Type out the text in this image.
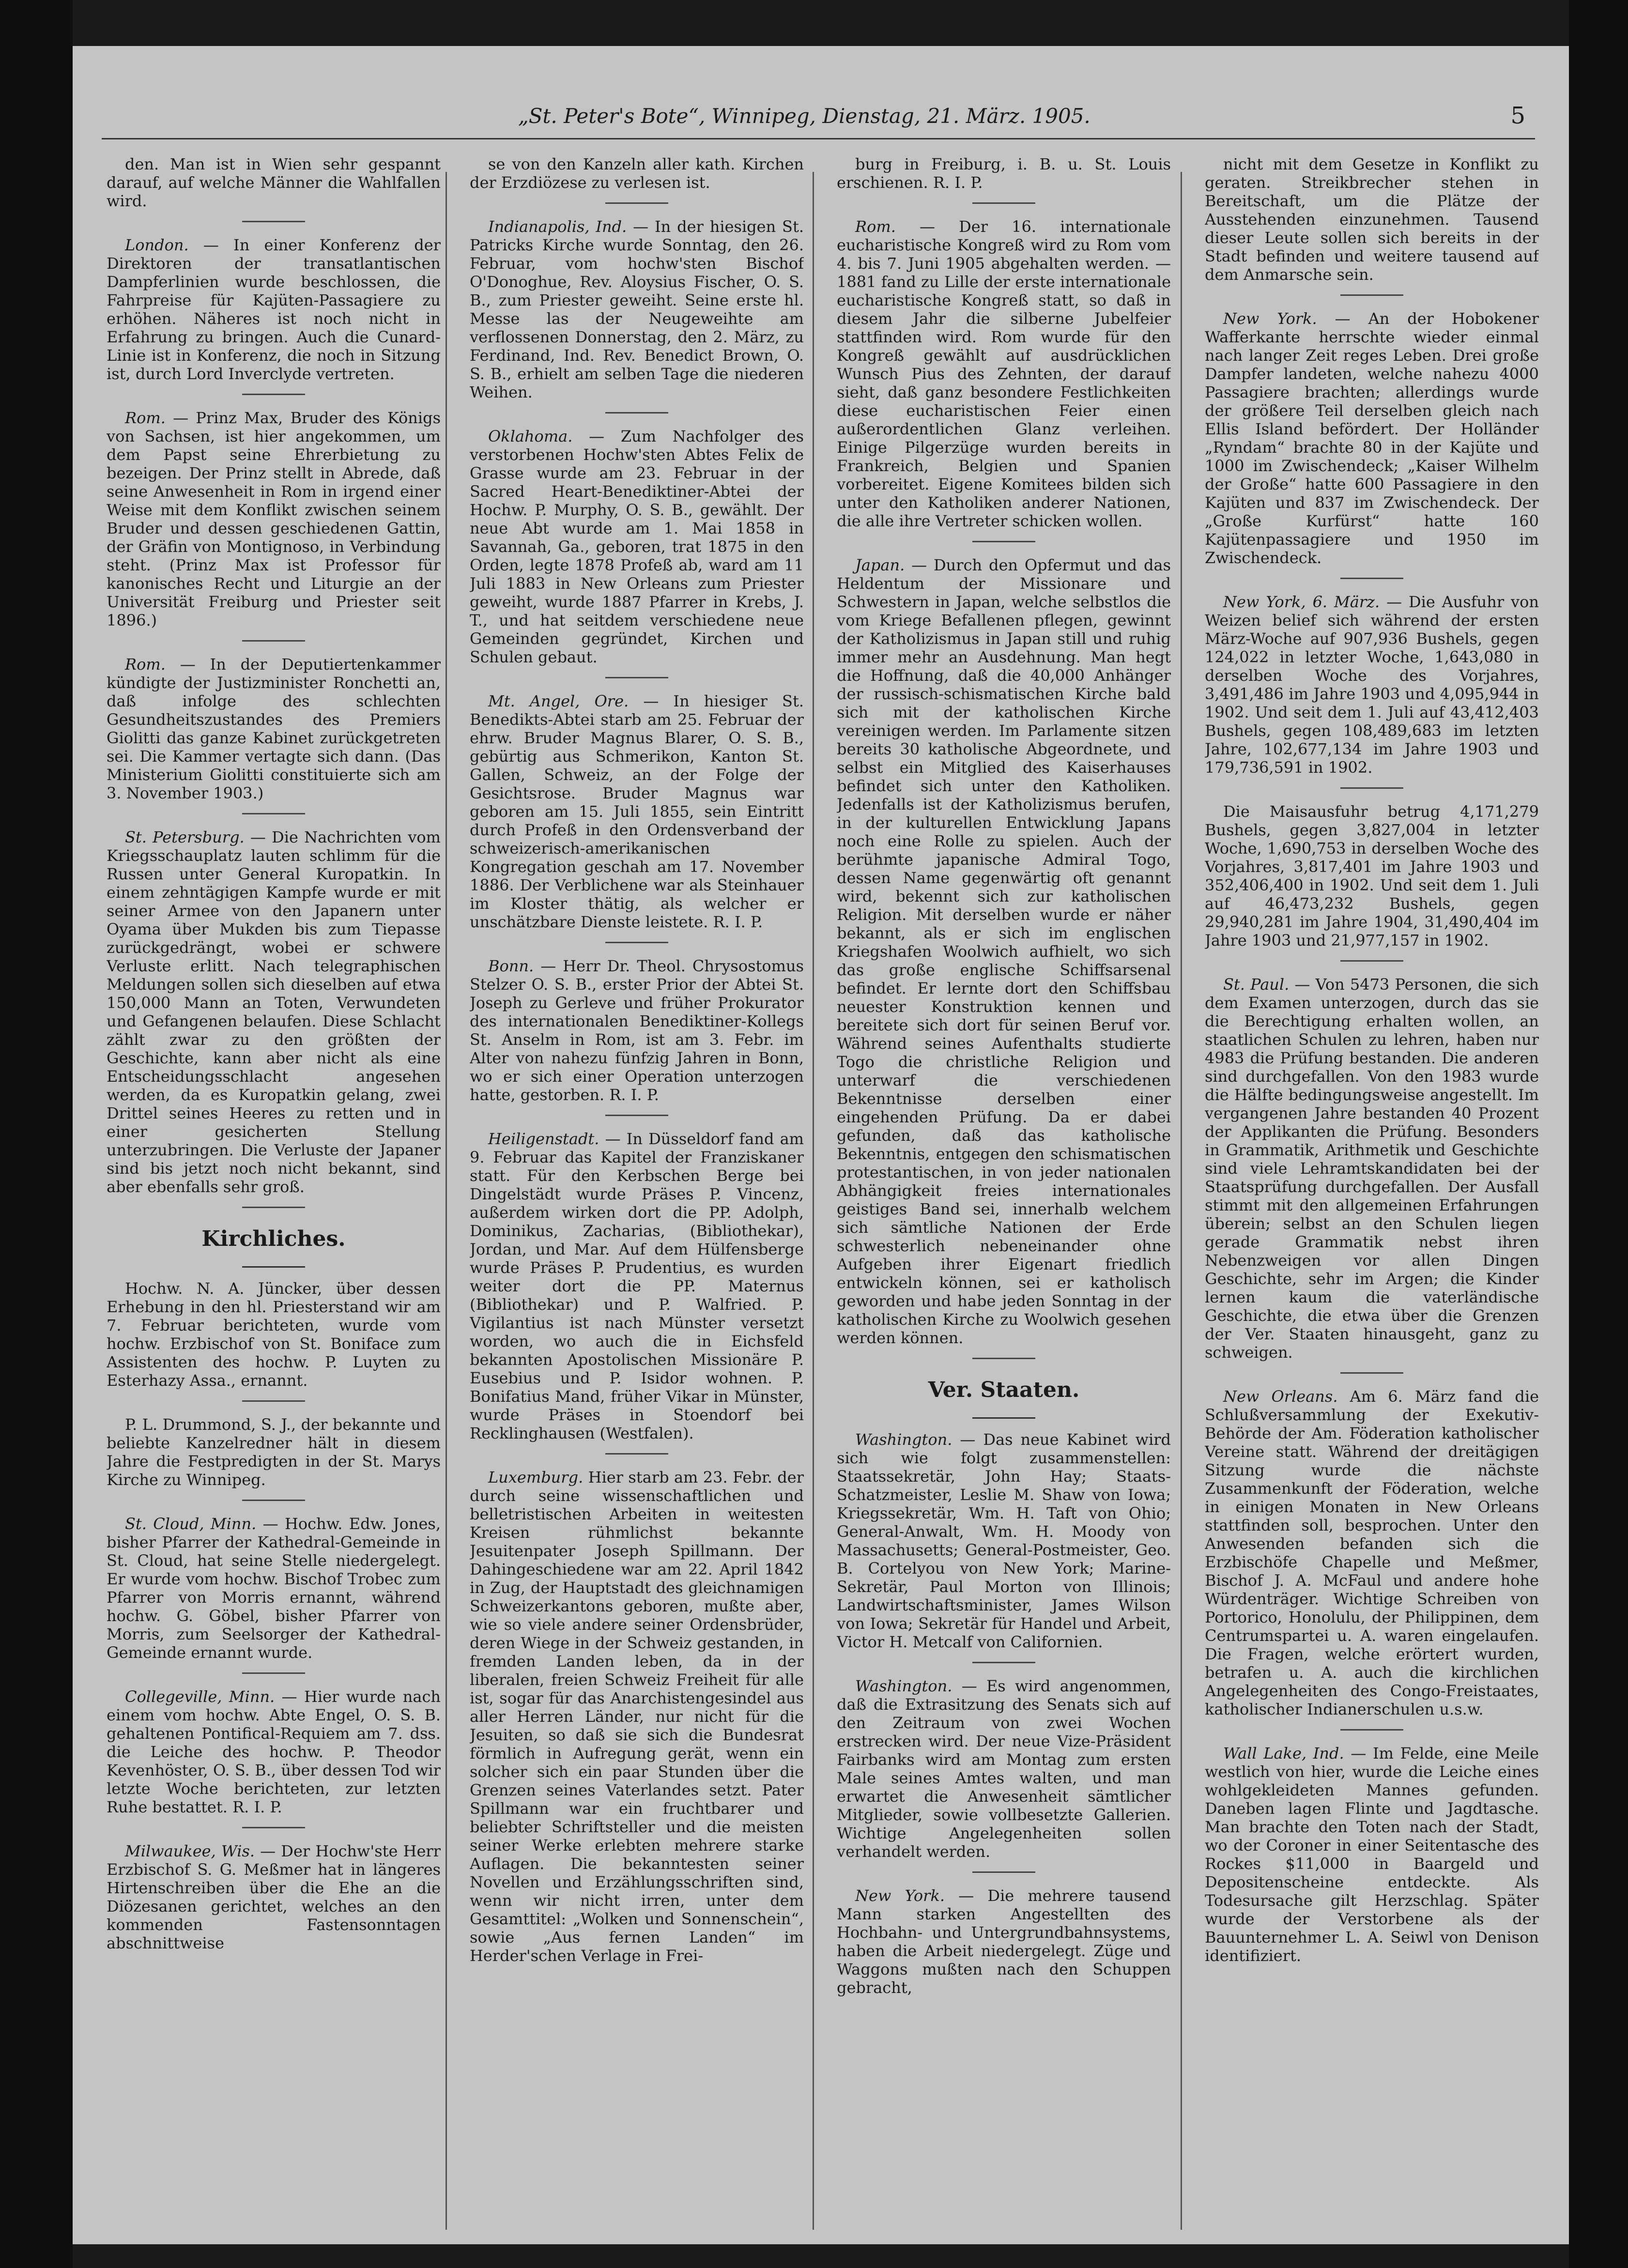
„St. Peter's Bote“, Winnipeg, Dienstag, 21. März. 1905.	5

den. Man ist in Wien sehr gespannt darauf, auf welche Männer die Wahlfallen wird.

London. — In einer Konferenz der Direktoren der transatlantischen Dampferlinien wurde beschlossen, die Fahrpreise für Kajüten-Passagiere zu erhöhen. Näheres ist noch nicht in Erfahrung zu bringen. Auch die Cunard-Linie ist in Konferenz, die noch in Sitzung ist, durch Lord Inverclyde vertreten.

Rom. — Prinz Max, Bruder des Königs von Sachsen, ist hier angekommen, um dem Papst seine Ehrerbietung zu bezeigen. Der Prinz stellt in Abrede, daß seine Anwesenheit in Rom in irgend einer Weise mit dem Konflikt zwischen seinem Bruder und dessen geschiedenen Gattin, der Gräfin von Montignoso, in Verbindung steht. (Prinz Max ist Professor für kanonisches Recht und Liturgie an der Universität Freiburg und Priester seit 1896.)

Rom. — In der Deputiertenkammer kündigte der Justizminister Ronchetti an, daß infolge des schlechten Gesundheitszustandes des Premiers Giolitti das ganze Kabinet zurückgetreten sei. Die Kammer vertagte sich dann. (Das Ministerium Giolitti constituierte sich am 3. November 1903.)

St. Petersburg. — Die Nachrichten vom Kriegsschauplatz lauten schlimm für die Russen unter General Kuropatkin. In einem zehntägigen Kampfe wurde er mit seiner Armee von den Japanern unter Oyama über Mukden bis zum Tiepasse zurückgedrängt, wobei er schwere Verluste erlitt. Nach telegraphischen Meldungen sollen sich dieselben auf etwa 150,000 Mann an Toten, Verwundeten und Gefangenen belaufen. Diese Schlacht zählt zwar zu den größten der Geschichte, kann aber nicht als eine Entscheidungsschlacht angesehen werden, da es Kuropatkin gelang, zwei Drittel seines Heeres zu retten und in einer gesicherten Stellung unterzubringen. Die Verluste der Japaner sind bis jetzt noch nicht bekannt, sind aber ebenfalls sehr groß.

Kirchliches.

Hochw. N. A. Jüncker, über dessen Erhebung in den hl. Priesterstand wir am 7. Februar berichteten, wurde vom hochw. Erzbischof von St. Boniface zum Assistenten des hochw. P. Luyten zu Esterhazy Assa., ernannt.

P. L. Drummond, S. J., der bekannte und beliebte Kanzelredner hält in diesem Jahre die Festpredigten in der St. Marys Kirche zu Winnipeg.

St. Cloud, Minn. — Hochw. Edw. Jones, bisher Pfarrer der Kathedral-Gemeinde in St. Cloud, hat seine Stelle niedergelegt. Er wurde vom hochw. Bischof Trobec zum Pfarrer von Morris ernannt, während hochw. G. Göbel, bisher Pfarrer von Morris, zum Seelsorger der Kathedral-Gemeinde ernannt wurde.

Collegeville, Minn. — Hier wurde nach einem vom hochw. Abte Engel, O. S. B. gehaltenen Pontifical-Requiem am 7. dss. die Leiche des hochw. P. Theodor Kevenhöster, O. S. B., über dessen Tod wir letzte Woche berichteten, zur letzten Ruhe bestattet. R. I. P.

Milwaukee, Wis. — Der Hochw'ste Herr Erzbischof S. G. Meßmer hat in längeres Hirtenschreiben über die Ehe an die Diözesanen gerichtet, welches an den kommenden Fastensonntagen abschnittweise

se von den Kanzeln aller kath. Kirchen der Erzdiözese zu verlesen ist.

Indianapolis, Ind. — In der hiesigen St. Patricks Kirche wurde Sonntag, den 26. Februar, vom hochw'sten Bischof O'Donoghue, Rev. Aloysius Fischer, O. S. B., zum Priester geweiht. Seine erste hl. Messe las der Neugeweihte am verflossenen Donnerstag, den 2. März, zu Ferdinand, Ind. Rev. Benedict Brown, O. S. B., erhielt am selben Tage die niederen Weihen.

Oklahoma. — Zum Nachfolger des verstorbenen Hochw'sten Abtes Felix de Grasse wurde am 23. Februar in der Sacred Heart-Benediktiner-Abtei der Hochw. P. Murphy, O. S. B., gewählt. Der neue Abt wurde am 1. Mai 1858 in Savannah, Ga., geboren, trat 1875 in den Orden, legte 1878 Profeß ab, ward am 11 Juli 1883 in New Orleans zum Priester geweiht, wurde 1887 Pfarrer in Krebs, J. T., und hat seitdem verschiedene neue Gemeinden gegründet, Kirchen und Schulen gebaut.

Mt. Angel, Ore. — In hiesiger St. Benedikts-Abtei starb am 25. Februar der ehrw. Bruder Magnus Blarer, O. S. B., gebürtig aus Schmerikon, Kanton St. Gallen, Schweiz, an der Folge der Gesichtsrose. Bruder Magnus war geboren am 15. Juli 1855, sein Eintritt durch Profeß in den Ordensverband der schweizerisch-amerikanischen Kongregation geschah am 17. November 1886. Der Verblichene war als Steinhauer im Kloster thätig, als welcher er unschätzbare Dienste leistete. R. I. P.

Bonn. — Herr Dr. Theol. Chrysostomus Stelzer O. S. B., erster Prior der Abtei St. Joseph zu Gerleve und früher Prokurator des internationalen Benediktiner-Kollegs St. Anselm in Rom, ist am 3. Febr. im Alter von nahezu fünfzig Jahren in Bonn, wo er sich einer Operation unterzogen hatte, gestorben. R. I. P.

Heiligenstadt. — In Düsseldorf fand am 9. Februar das Kapitel der Franziskaner statt. Für den Kerbschen Berge bei Dingelstädt wurde Präses P. Vincenz, außerdem wirken dort die PP. Adolph, Dominikus, Zacharias, (Bibliothekar), Jordan, und Mar. Auf dem Hülfensberge wurde Präses P. Prudentius, es wurden weiter dort die PP. Maternus (Bibliothekar) und P. Walfried. P. Vigilantius ist nach Münster versetzt worden, wo auch die in Eichsfeld bekannten Apostolischen Missionäre P. Eusebius und P. Isidor wohnen. P. Bonifatius Mand, früher Vikar in Münster, wurde Präses in Stoendorf bei Recklinghausen (Westfalen).

Luxemburg. Hier starb am 23. Febr. der durch seine wissenschaftlichen und belletristischen Arbeiten in weitesten Kreisen rühmlichst bekannte Jesuitenpater Joseph Spillmann. Der Dahingeschiedene war am 22. April 1842 in Zug, der Hauptstadt des gleichnamigen Schweizerkantons geboren, mußte aber, wie so viele andere seiner Ordensbrüder, deren Wiege in der Schweiz gestanden, in fremden Landen leben, da in der liberalen, freien Schweiz Freiheit für alle ist, sogar für das Anarchistengesindel aus aller Herren Länder, nur nicht für die Jesuiten, so daß sie sich die Bundesrat förmlich in Aufregung gerät, wenn ein solcher sich ein paar Stunden über die Grenzen seines Vaterlandes setzt. Pater Spillmann war ein fruchtbarer und beliebter Schriftsteller und die meisten seiner Werke erlebten mehrere starke Auflagen. Die bekanntesten seiner Novellen und Erzählungsschriften sind, wenn wir nicht irren, unter dem Gesamttitel: „Wolken und Sonnenschein“, sowie „Aus fernen Landen“ im Herder'schen Verlage in Frei-

burg in Freiburg, i. B. u. St. Louis erschienen. R. I. P.

Rom. — Der 16. internationale eucharistische Kongreß wird zu Rom vom 4. bis 7. Juni 1905 abgehalten werden. — 1881 fand zu Lille der erste internationale eucharistische Kongreß statt, so daß in diesem Jahr die silberne Jubelfeier stattfinden wird. Rom wurde für den Kongreß gewählt auf ausdrücklichen Wunsch Pius des Zehnten, der darauf sieht, daß ganz besondere Festlichkeiten diese eucharistischen Feier einen außerordentlichen Glanz verleihen. Einige Pilgerzüge wurden bereits in Frankreich, Belgien und Spanien vorbereitet. Eigene Komitees bilden sich unter den Katholiken anderer Nationen, die alle ihre Vertreter schicken wollen.

Japan. — Durch den Opfermut und das Heldentum der Missionare und Schwestern in Japan, welche selbstlos die vom Kriege Befallenen pflegen, gewinnt der Katholizismus in Japan still und ruhig immer mehr an Ausdehnung. Man hegt die Hoffnung, daß die 40,000 Anhänger der russisch-schismatischen Kirche bald sich mit der katholischen Kirche vereinigen werden. Im Parlamente sitzen bereits 30 katholische Abgeordnete, und selbst ein Mitglied des Kaiserhauses befindet sich unter den Katholiken. Jedenfalls ist der Katholizismus berufen, in der kulturellen Entwicklung Japans noch eine Rolle zu spielen. Auch der berühmte japanische Admiral Togo, dessen Name gegenwärtig oft genannt wird, bekennt sich zur katholischen Religion. Mit derselben wurde er näher bekannt, als er sich im englischen Kriegshafen Woolwich aufhielt, wo sich das große englische Schiffsarsenal befindet. Er lernte dort den Schiffsbau neuester Konstruktion kennen und bereitete sich dort für seinen Beruf vor. Während seines Aufenthalts studierte Togo die christliche Religion und unterwarf die verschiedenen Bekenntnisse derselben einer eingehenden Prüfung. Da er dabei gefunden, daß das katholische Bekenntnis, entgegen den schismatischen protestantischen, in von jeder nationalen Abhängigkeit freies internationales geistiges Band sei, innerhalb welchem sich sämtliche Nationen der Erde schwesterlich nebeneinander ohne Aufgeben ihrer Eigenart friedlich entwickeln können, sei er katholisch geworden und habe jeden Sonntag in der katholischen Kirche zu Woolwich gesehen werden können.

Ver. Staaten.

Washington. — Das neue Kabinet wird sich wie folgt zusammenstellen: Staatssekretär, John Hay; Staats-Schatzmeister, Leslie M. Shaw von Iowa; Kriegssekretär, Wm. H. Taft von Ohio; General-Anwalt, Wm. H. Moody von Massachusetts; General-Postmeister, Geo. B. Cortelyou von New York; Marine-Sekretär, Paul Morton von Illinois; Landwirtschaftsminister, James Wilson von Iowa; Sekretär für Handel und Arbeit, Victor H. Metcalf von Californien.

Washington. — Es wird angenommen, daß die Extrasitzung des Senats sich auf den Zeitraum von zwei Wochen erstrecken wird. Der neue Vize-Präsident Fairbanks wird am Montag zum ersten Male seines Amtes walten, und man erwartet die Anwesenheit sämtlicher Mitglieder, sowie vollbesetzte Gallerien. Wichtige Angelegenheiten sollen verhandelt werden.

New York. — Die mehrere tausend Mann starken Angestellten des Hochbahn- und Untergrundbahnsystems, haben die Arbeit niedergelegt. Züge und Waggons mußten nach den Schuppen gebracht,

nicht mit dem Gesetze in Konflikt zu geraten. Streikbrecher stehen in Bereitschaft, um die Plätze der Ausstehenden einzunehmen. Tausend dieser Leute sollen sich bereits in der Stadt befinden und weitere tausend auf dem Anmarsche sein.

New York. — An der Hobokener Wafferkante herrschte wieder einmal nach langer Zeit reges Leben. Drei große Dampfer landeten, welche nahezu 4000 Passagiere brachten; allerdings wurde der größere Teil derselben gleich nach Ellis Island befördert. Der Holländer „Ryndam“ brachte 80 in der Kajüte und 1000 im Zwischendeck; „Kaiser Wilhelm der Große“ hatte 600 Passagiere in den Kajüten und 837 im Zwischendeck. Der „Große Kurfürst“ hatte 160 Kajütenpassagiere und 1950 im Zwischendeck.

New York, 6. März. — Die Ausfuhr von Weizen belief sich während der ersten März-Woche auf 907,936 Bushels, gegen 124,022 in letzter Woche, 1,643,080 in derselben Woche des Vorjahres, 3,491,486 im Jahre 1903 und 4,095,944 in 1902. Und seit dem 1. Juli auf 43,412,403 Bushels, gegen 108,489,683 im letzten Jahre, 102,677,134 im Jahre 1903 und 179,736,591 in 1902.

Die Maisausfuhr betrug 4,171,279 Bushels, gegen 3,827,004 in letzter Woche, 1,690,753 in derselben Woche des Vorjahres, 3,817,401 im Jahre 1903 und 352,406,400 in 1902. Und seit dem 1. Juli auf 46,473,232 Bushels, gegen 29,940,281 im Jahre 1904, 31,490,404 im Jahre 1903 und 21,977,157 in 1902.

St. Paul. — Von 5473 Personen, die sich dem Examen unterzogen, durch das sie die Berechtigung erhalten wollen, an staatlichen Schulen zu lehren, haben nur 4983 die Prüfung bestanden. Die anderen sind durchgefallen. Von den 1983 wurde die Hälfte bedingungsweise angestellt. Im vergangenen Jahre bestanden 40 Prozent der Applikanten die Prüfung. Besonders in Grammatik, Arithmetik und Geschichte sind viele Lehramtskandidaten bei der Staatsprüfung durchgefallen. Der Ausfall stimmt mit den allgemeinen Erfahrungen überein; selbst an den Schulen liegen gerade Grammatik nebst ihren Nebenzweigen vor allen Dingen Geschichte, sehr im Argen; die Kinder lernen kaum die vaterländische Geschichte, die etwa über die Grenzen der Ver. Staaten hinausgeht, ganz zu schweigen.

New Orleans. Am 6. März fand die Schlußversammlung der Exekutiv-Behörde der Am. Föderation katholischer Vereine statt. Während der dreitägigen Sitzung wurde die nächste Zusammenkunft der Föderation, welche in einigen Monaten in New Orleans stattfinden soll, besprochen. Unter den Anwesenden befanden sich die Erzbischöfe Chapelle und Meßmer, Bischof J. A. McFaul und andere hohe Würdenträger. Wichtige Schreiben von Portorico, Honolulu, der Philippinen, dem Centrumspartei u. A. waren eingelaufen. Die Fragen, welche erörtert wurden, betrafen u. A. auch die kirchlichen Angelegenheiten des Congo-Freistaates, katholischer Indianerschulen u.s.w.

Wall Lake, Ind. — Im Felde, eine Meile westlich von hier, wurde die Leiche eines wohlgekleideten Mannes gefunden. Daneben lagen Flinte und Jagdtasche. Man brachte den Toten nach der Stadt, wo der Coroner in einer Seitentasche des Rockes $11,000 in Baargeld und Depositenscheine entdeckte. Als Todesursache gilt Herzschlag. Später wurde der Verstorbene als der Bauunternehmer L. A. Seiwl von Denison identifiziert.
